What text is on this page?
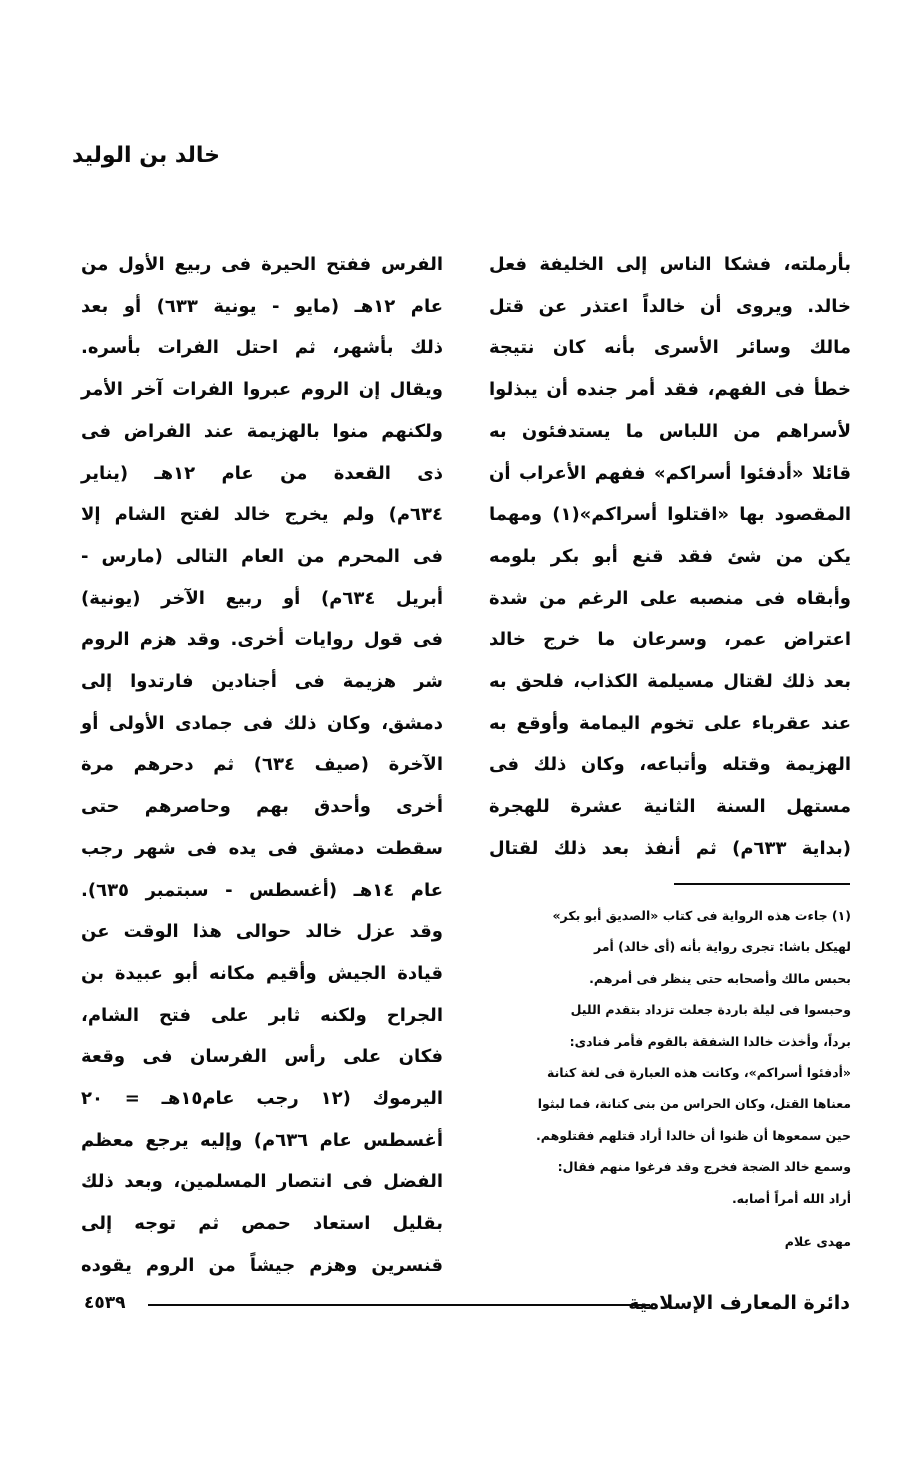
خالد بن الوليد

بأرملته، فشكا الناس إلى الخليفة فعل

خالد. ويروى أن خالداً اعتذر عن قتل

مالك وسائر الأسرى بأنه كان نتيجة

خطأ فى الفهم، فقد أمر جنده أن يبذلوا

لأسراهم من اللباس ما يستدفئون به

قائلا «أدفئوا أسراكم» ففهم الأعراب أن

المقصود بها «اقتلوا أسراكم»(١) ومهما

يكن من شئ فقد قنع أبو بكر بلومه

وأبقاه فى منصبه على الرغم من شدة

اعتراض عمر، وسرعان ما خرج خالد

بعد ذلك لقتال مسيلمة الكذاب، فلحق به

عند عقرباء على تخوم اليمامة وأوقع به

الهزيمة وقتله وأتباعه، وكان ذلك فى

مستهل السنة الثانية عشرة للهجرة

(بداية ٦٣٣م) ثم أنفذ بعد ذلك لقتال

(١) جاءت هذه الرواية فى كتاب «الصديق أبو بكر»

لهيكل باشا: تجرى رواية بأنه (أى خالد) أمر

بحبس مالك وأصحابه حتى ينظر فى أمرهم.

وحبسوا فى ليلة باردة جعلت تزداد بتقدم الليل

برداً، وأخذت خالدا الشفقة بالقوم فأمر فنادى:

«أدفئوا أسراكم»، وكانت هذه العبارة فى لغة كنانة

معناها القتل، وكان الحراس من بنى كنانة، فما لبثوا

حين سمعوها أن ظنوا أن خالدا أراد قتلهم فقتلوهم.

وسمع خالد الضجة فخرج وقد فرغوا منهم فقال:

أراد الله أمراً أصابه.

مهدى علام

الفرس ففتح الحيرة فى ربيع الأول من

عام ١٢هـ (مايو - يونية ٦٣٣) أو بعد

ذلك بأشهر، ثم احتل الفرات بأسره.

ويقال إن الروم عبروا الفرات آخر الأمر

ولكنهم منوا بالهزيمة عند الفراض فى

ذى القعدة من عام ١٢هـ (يناير

٦٣٤م) ولم يخرج خالد لفتح الشام إلا

فى المحرم من العام التالى (مارس -

أبريل ٦٣٤م) أو ربيع الآخر (يونية)

فى قول روايات أخرى. وقد هزم الروم

شر هزيمة فى أجنادين فارتدوا إلى

دمشق، وكان ذلك فى جمادى الأولى أو

الآخرة (صيف ٦٣٤) ثم دحرهم مرة

أخرى وأحدق بهم وحاصرهم حتى

سقطت دمشق فى يده فى شهر رجب

عام ١٤هـ (أغسطس - سبتمبر ٦٣٥).

وقد عزل خالد حوالى هذا الوقت عن

قيادة الجيش وأقيم مكانه أبو عبيدة بن

الجراح ولكنه ثابر على فتح الشام،

فكان على رأس الفرسان فى وقعة

اليرموك (١٢ رجب عام١٥هـ = ٢٠

أغسطس عام ٦٣٦م) وإليه يرجع معظم

الفضل فى انتصار المسلمين، وبعد ذلك

بقليل استعاد حمص ثم توجه إلى

قنسرين وهزم جيشاً من الروم يقوده

دائرة المعارف الإسلامية
٤٥٣٩
